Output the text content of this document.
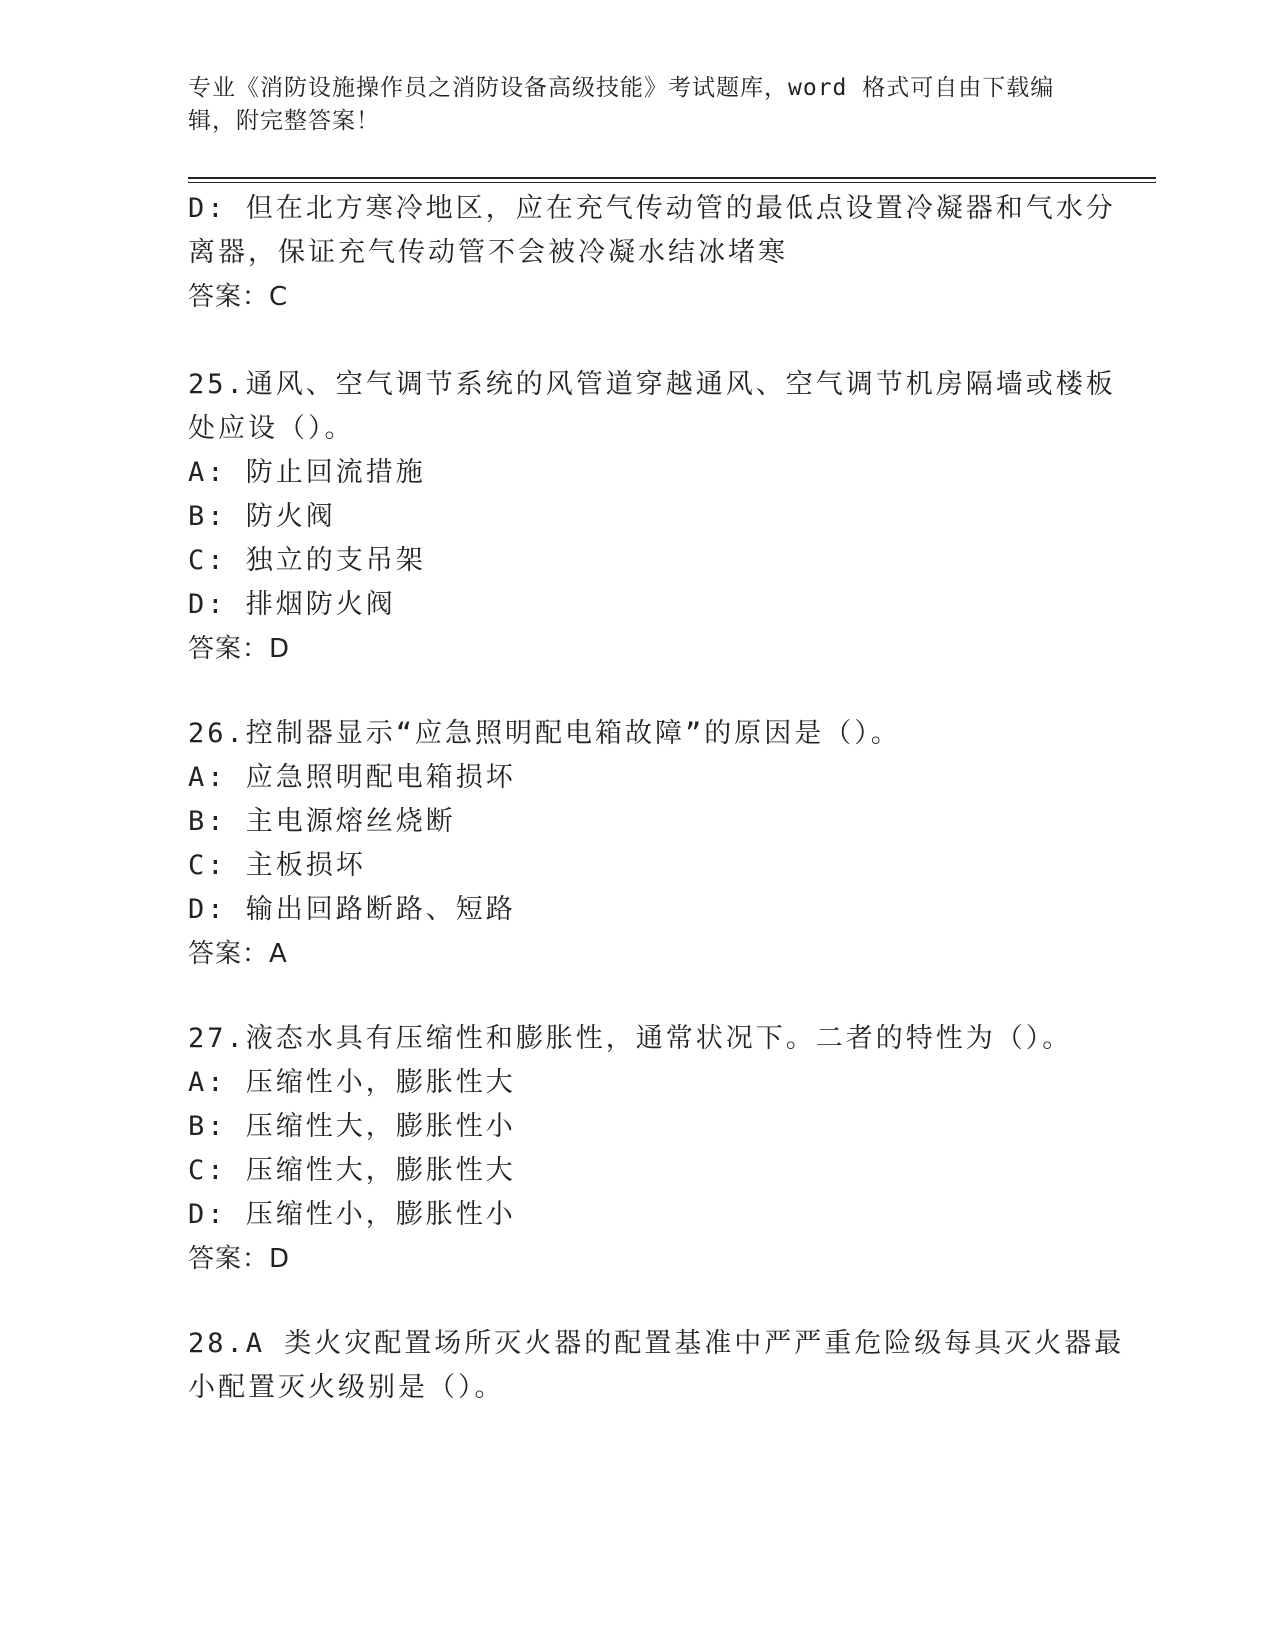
专业《消防设施操作员之消防设备高级技能》考试题库，word 格式可自由下载编
辑，附完整答案！
D: 但在北方寒冷地区，应在充气传动管的最低点设置冷凝器和气水分
离器，保证充气传动管不会被冷凝水结冰堵寒
答案：C
25.通风、空气调节系统的风管道穿越通风、空气调节机房隔墙或楼板
处应设（）。
A: 防止回流措施
B: 防火阀
C: 独立的支吊架
D: 排烟防火阀
答案：D
26.控制器显示“应急照明配电箱故障”的原因是（）。
A: 应急照明配电箱损坏
B: 主电源熔丝烧断
C: 主板损坏
D: 输出回路断路、短路
答案：A
27.液态水具有压缩性和膨胀性，通常状况下。二者的特性为（）。
A: 压缩性小，膨胀性大
B: 压缩性大，膨胀性小
C: 压缩性大，膨胀性大
D: 压缩性小，膨胀性小
答案：D
28.A 类火灾配置场所灭火器的配置基准中严严重危险级每具灭火器最
小配置灭火级别是（）。
